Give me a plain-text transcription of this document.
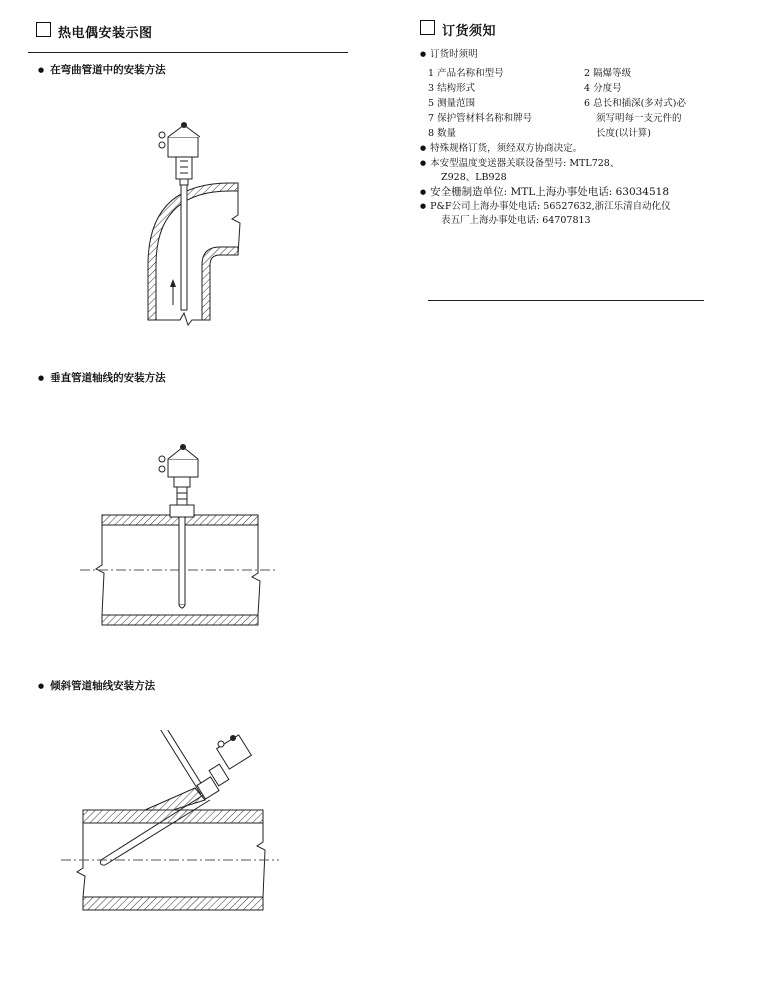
热电偶安装示图
● 在弯曲管道中的安装方法
● 垂直管道轴线的安装方法
● 倾斜管道轴线安装方法
订货须知
● 订货时须明
1 产品名称和型号
3 结构形式
5 测量范围
7 保护管材料名称和牌号
8 数量
2 隔爆等级
4 分度号
6 总长和插深(多对式)必
须写明每一支元件的
长度(以计算)
● 特殊规格订货，须经双方协商决定。
● 本安型温度变送器关联设备型号: MTL728、
Z928、LB928
● 安全栅制造单位: MTL上海办事处电话: 63034518
● P&F公司上海办事处电话: 56527632,浙江乐清自动化仪
表五厂上海办事处电话: 64707813
